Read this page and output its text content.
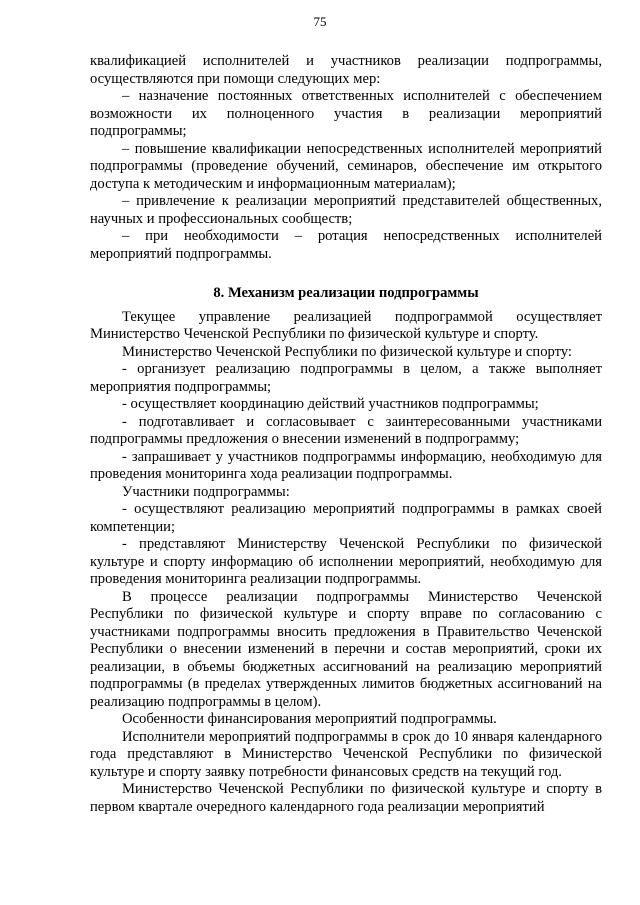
75

квалификацией исполнителей и участников реализации подпрограммы, осуществляются при помощи следующих мер:

– назначение постоянных ответственных исполнителей с обеспечением возможности их полноценного участия в реализации мероприятий подпрограммы;

– повышение квалификации непосредственных исполнителей мероприятий подпрограммы (проведение обучений, семинаров, обеспечение им открытого доступа к методическим и информационным материалам);

– привлечение к реализации мероприятий представителей общественных, научных и профессиональных сообществ;

– при необходимости – ротация непосредственных исполнителей мероприятий подпрограммы.

8. Механизм реализации подпрограммы

Текущее управление реализацией подпрограммой осуществляет Министерство Чеченской Республики по физической культуре и спорту.

Министерство Чеченской Республики по физической культуре и спорту:

- организует реализацию подпрограммы в целом, а также выполняет мероприятия подпрограммы;

- осуществляет координацию действий участников подпрограммы;

- подготавливает и согласовывает с заинтересованными участниками подпрограммы предложения о внесении изменений в подпрограмму;

- запрашивает у участников подпрограммы информацию, необходимую для проведения мониторинга хода реализации подпрограммы.

Участники подпрограммы:

- осуществляют реализацию мероприятий подпрограммы в рамках своей компетенции;

- представляют Министерству Чеченской Республики по физической культуре и спорту информацию об исполнении мероприятий, необходимую для проведения мониторинга реализации подпрограммы.

В процессе реализации подпрограммы Министерство Чеченской Республики по физической культуре и спорту вправе по согласованию с участниками подпрограммы вносить предложения в Правительство Чеченской Республики о внесении изменений в перечни и состав мероприятий, сроки их реализации, в объемы бюджетных ассигнований на реализацию мероприятий подпрограммы (в пределах утвержденных лимитов бюджетных ассигнований на реализацию подпрограммы в целом).

Особенности финансирования мероприятий подпрограммы.

Исполнители мероприятий подпрограммы в срок до 10 января календарного года представляют в Министерство Чеченской Республики по физической культуре и спорту заявку потребности финансовых средств на текущий год.

Министерство Чеченской Республики по физической культуре и спорту в первом квартале очередного календарного года реализации мероприятий
